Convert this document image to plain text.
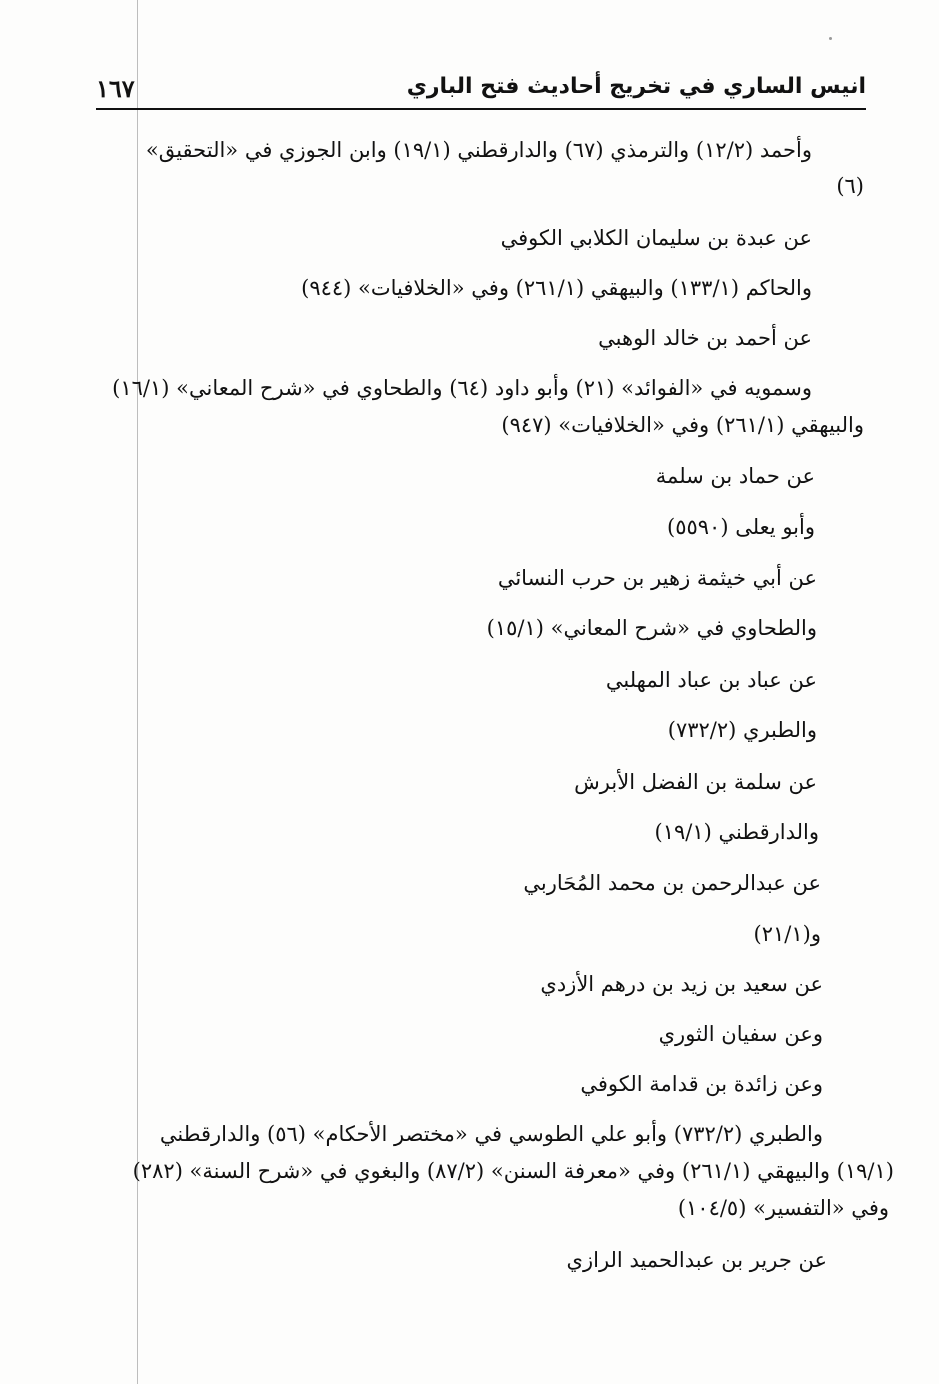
١٦٧	انيس الساري في تخريج أحاديث فتح الباري
وأحمد (١٢/٢) والترمذي (٦٧) والدارقطني (١٩/١) وابن الجوزي في «التحقيق»
(٦)
عن عبدة بن سليمان الكلابي الكوفي
والحاكم (١٣٣/١) والبيهقي (٢٦١/١) وفي «الخلافيات» (٩٤٤)
عن أحمد بن خالد الوهبي
وسمويه في «الفوائد» (٢١) وأبو داود (٦٤) والطحاوي في «شرح المعاني» (١٦/١)
والبيهقي (٢٦١/١) وفي «الخلافيات» (٩٤٧)
عن حماد بن سلمة
وأبو يعلى (٥٥٩٠)
عن أبي خيثمة زهير بن حرب النسائي
والطحاوي في «شرح المعاني» (١٥/١)
عن عباد بن عباد المهلبي
والطبري (٧٣٢/٢)
عن سلمة بن الفضل الأبرش
والدارقطني (١٩/١)
عن عبدالرحمن بن محمد المُحَاربي
و(٢١/١)
عن سعيد بن زيد بن درهم الأزدي
وعن سفيان الثوري
وعن زائدة بن قدامة الكوفي
والطبري (٧٣٢/٢) وأبو علي الطوسي في «مختصر الأحكام» (٥٦) والدارقطني
(١٩/١) والبيهقي (٢٦١/١) وفي «معرفة السنن» (٨٧/٢) والبغوي في «شرح السنة» (٢٨٢)
وفي «التفسير» (١٠٤/٥)
عن جرير بن عبدالحميد الرازي
